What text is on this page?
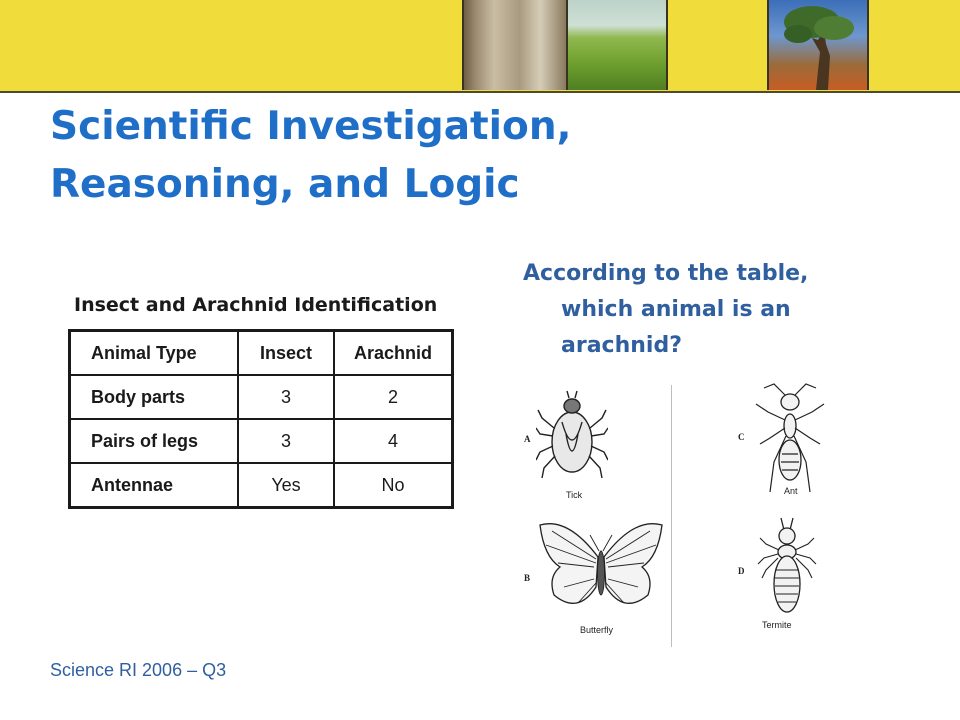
Scientific Investigation, Reasoning, and Logic
Insect and Arachnid Identification
Animal Type	Insect	Arachnid
Body parts	3	2
Pairs of legs	3	4
Antennae	Yes	No
According to the table,
which animal is an
arachnid?
A
Tick
B
Butterfly
C
Ant
D
Termite
Science RI 2006 – Q3
